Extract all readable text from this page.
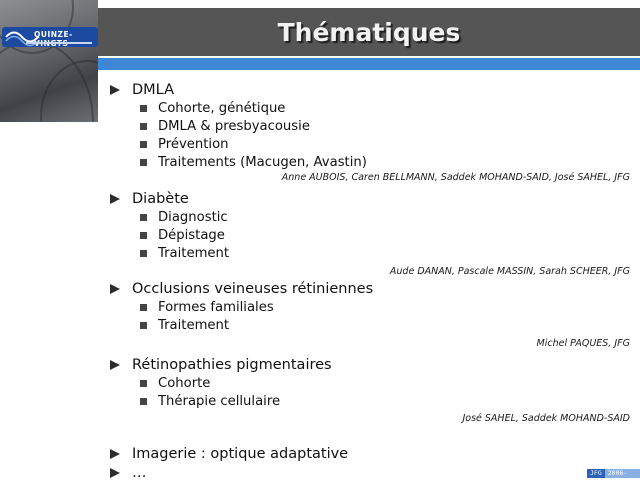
QUINZE-	Thématiques
DMLA
Cohorte, génétique
DMLA & presbyacousie
Prévention
Traitements (Macugen, Avastin)
Anne AUBOIS, Caren BELLMANN, Saddek MOHAND-SAID, José SAHEL, JFG
Diabète
Diagnostic
Dépistage
Traitement
Aude DANAN, Pascale MASSIN, Sarah SCHEER, JFG
Occlusions veineuses rétiniennes
Formes familiales
Traitement
Michel PAQUES, JFG
Rétinopathies pigmentaires
Cohorte
Thérapie cellulaire
José SAHEL, Saddek MOHAND-SAID
Imagerie : optique adaptative
…	JFG 2006-2012
